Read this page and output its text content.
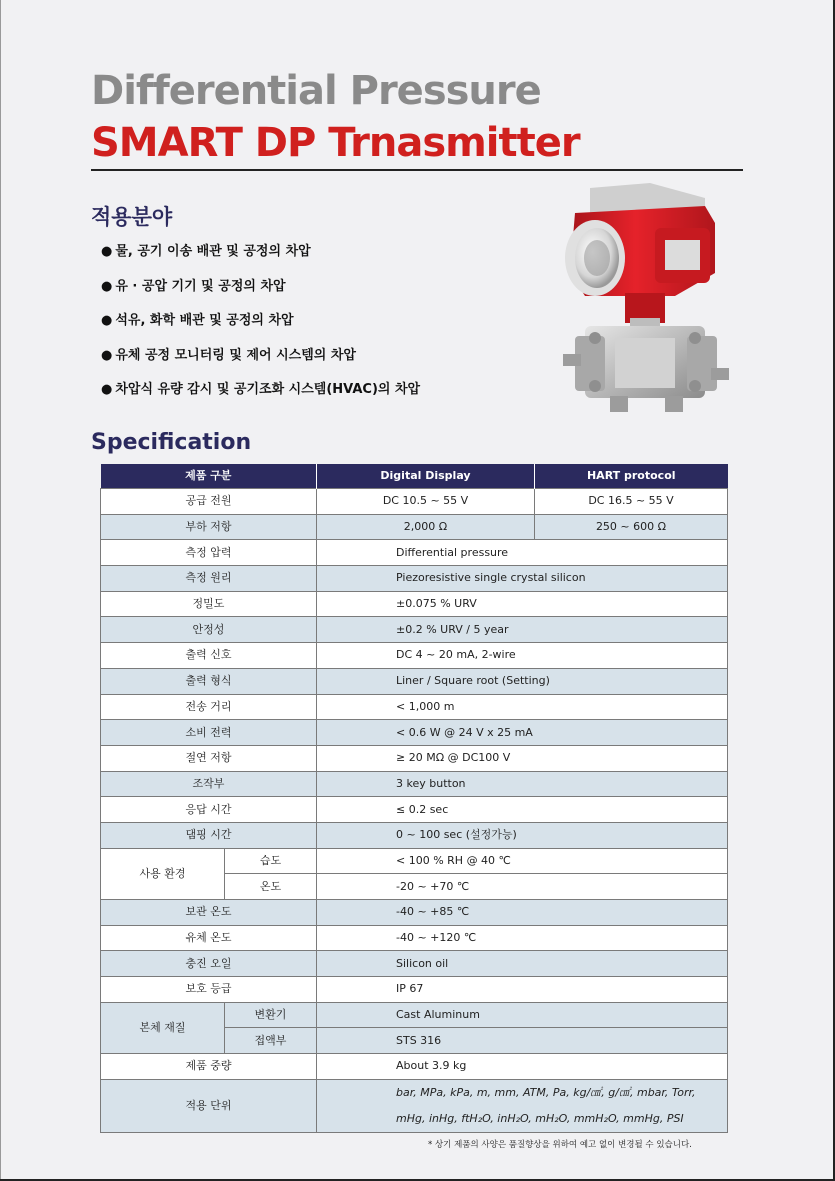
Differential Pressure
SMART DP Trnasmitter
적용분야
● 물, 공기 이송 배관 및 공정의 차압
● 유 · 공압 기기 및 공정의 차압
● 석유, 화학 배관 및 공정의 차압
● 유체 공정 모니터링 및 제어 시스템의 차압
● 차압식 유량 감시 및 공기조화 시스템(HVAC)의 차압
Specification
제품 구분		Digital Display	HART protocol
공급 전원		DC 10.5 ~ 55 V	DC 16.5 ~ 55 V
부하 저항		2,000 Ω	250 ~ 600 Ω
측정 압력		Differential pressure	
측정 원리		Piezoresistive single crystal silicon	
정밀도		±0.075 % URV	
안정성		±0.2 % URV / 5 year	
출력 신호		DC 4 ~ 20 mA, 2-wire	
출력 형식		Liner / Square root (Setting)	
전송 거리		< 1,000 m	
소비 전력		< 0.6 W @ 24 V x 25 mA	
절연 저항		≥ 20 MΩ @ DC100 V	
조작부		3 key button	
응답 시간		≤ 0.2 sec	
댐핑 시간		0 ~ 100 sec (설정가능)	
사용 환경	습도	< 100 % RH @ 40 ℃	
	온도	-20 ~ +70 ℃	
보관 온도		-40 ~ +85 ℃	
유체 온도		-40 ~ +120 ℃	
충진 오일		Silicon oil	
보호 등급		IP 67	
본체 재질	변환기	Cast Aluminum	
	접액부	STS 316	
제품 중량		About 3.9 kg	
적용 단위		bar, MPa, kPa, m, mm, ATM, Pa, kg/㎠, g/㎠, mbar, Torr,
mHg, inHg, ftH₂O, inH₂O, mH₂O, mmH₂O, mmHg, PSI	
* 상기 제품의 사양은 품질향상을 위하여 예고 없이 변경될 수 있습니다.
